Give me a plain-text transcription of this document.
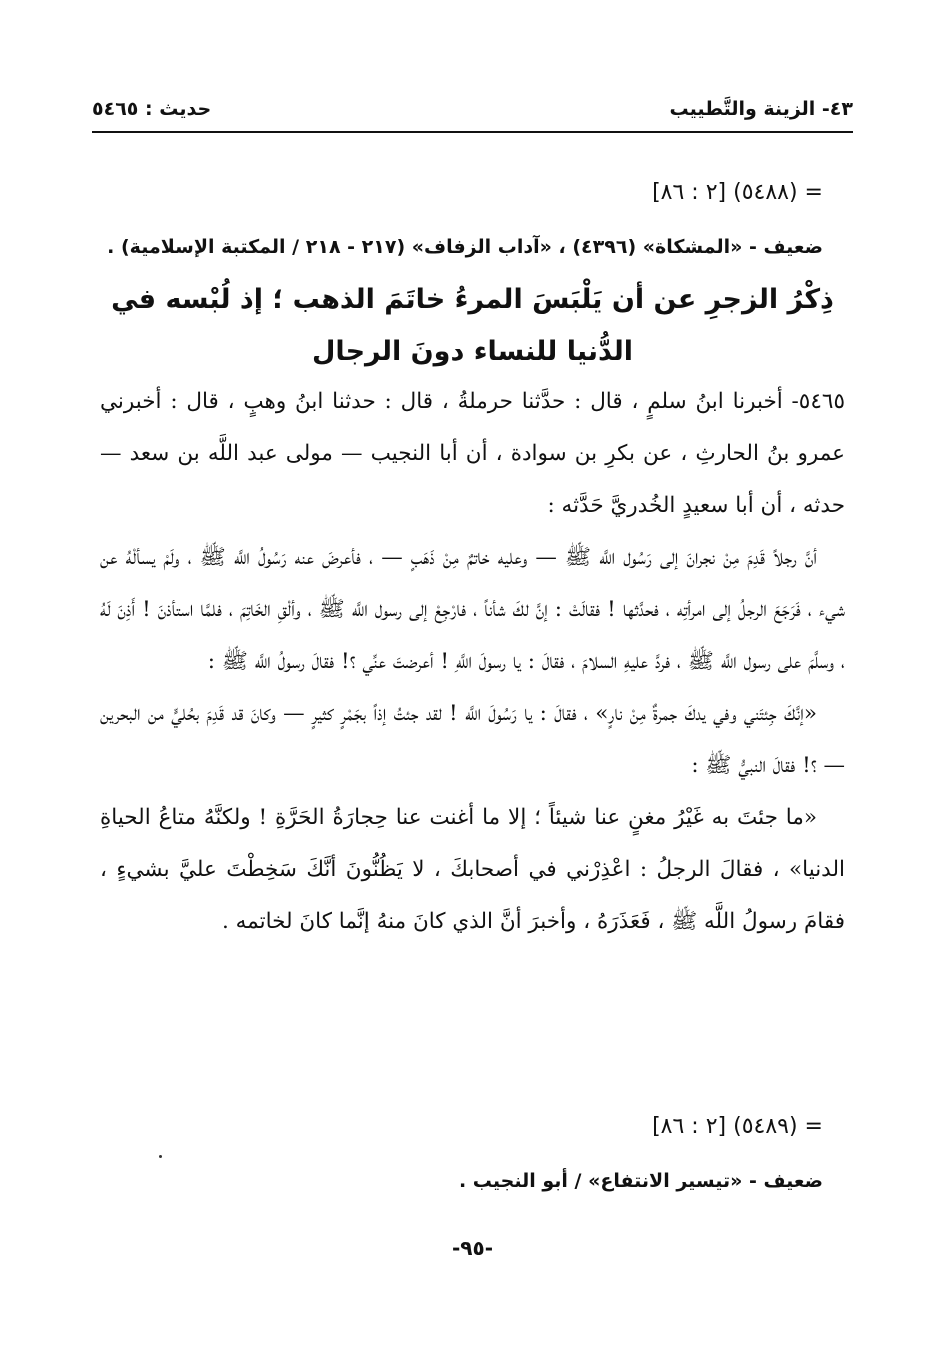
٤٣- الزينة والتَّطييب
حديث : ٥٤٦٥
= (٥٤٨٨) [٢ : ٨٦]
ضعيف - «المشكاة» (٤٣٩٦) ، «آداب الزفاف» (٢١٧ - ٢١٨ / المكتبة الإسلامية) .
ذِكْرُ الزجرِ عن أن يَلْبَسَ المرءُ خاتَمَ الذهب ؛ إذ لُبْسه في
الدُّنيا للنساء دونَ الرجال

٥٤٦٥- أخبرنا ابنُ سلمٍ ، قال : حدَّثنا حرملةُ ، قال : حدثنا ابنُ وهبٍ ، قال : أخبرني عمرو بنُ الحارثِ ، عن بكرِ بن سوادة ، أن أبا النجيب — مولى عبد اللَّه بن سعد — حدثه ، أن أبا سعيدٍ الخُدريَّ حَدَّثه :

أنَّ رجلاً قَدِمَ مِنْ نجرانَ إلى رَسُول اللَّه ﷺ — وعليه خاتمٌ مِنْ ذَهَبٍ — ، فأعرضَ عنه رَسُولُ اللَّه ﷺ ، ولَمْ يسألْهُ عن شيء ، فَرَجَعَ الرجلُ إلى امرأتِه ، فحدَّثها ! فقالَتْ : إنَّ لكَ شأناً ، فارْجِعْ إلى رسول اللَّه ﷺ ، وألْقِ الخَاتِمَ ، فلمَّا استأذنَ ! أَذِنَ لَهُ ، وسلَّمَ على رسول اللَّه ﷺ ، فردَّ عليهِ السلامَ ، فقالَ : يا رسولَ اللَّهِ ! أعرضتَ عنِّي ؟! فقالَ رسولُ اللَّه ﷺ :

«إنَّكَ جِئتَني وفي يدكَ جمرةٌ مِنْ نارٍ» ، فقالَ : يا رَسُولَ اللَّه ! لقد جئتُ إذاً بجَمْرٍ كثيرٍ — وكانَ قد قَدِمَ بحُليٍّ من البحرين — ؟! فقالَ النبيُّ ﷺ :

«ما جئتَ به غَيْرُ مغنٍ عنا شيئاً ؛ إلا ما أغنت عنا حِجارَةُ الحَرَّةِ ! ولكنَّهُ متاعُ الحياةِ الدنيا» ، فقالَ الرجلُ : اعْذِرْني في أصحابكَ ، لا يَظُنُّونَ أنَّكَ سَخِطْتَ عليَّ بشيءٍ ، فقامَ رسولُ اللَّه ﷺ ، فَعَذَرَهُ ، وأخبرَ أنَّ الذي كانَ منهُ إنَّما كانَ لخاتمه .

= (٥٤٨٩) [٢ : ٨٦]
ضعيف - «تيسير الانتفاع» / أبو النجيب .
-٩٥-
